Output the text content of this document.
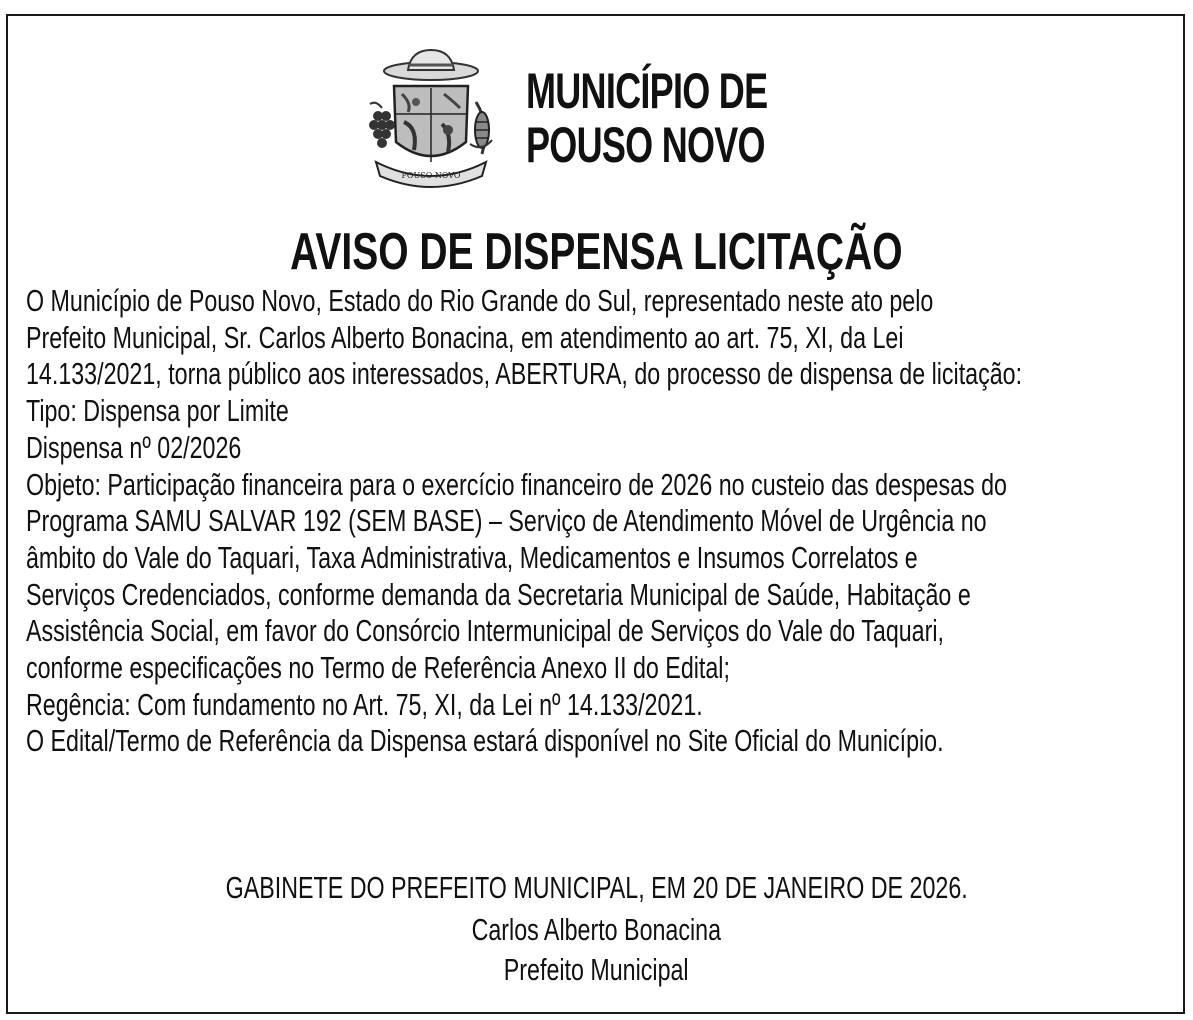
POUSO NOVO
MUNICÍPIO DE
POUSO NOVO
AVISO DE DISPENSA LICITAÇÃO

O Município de Pouso Novo, Estado do Rio Grande do Sul, representado neste ato pelo

Prefeito Municipal, Sr. Carlos Alberto Bonacina, em atendimento ao art. 75, XI, da Lei

14.133/2021, torna público aos interessados, ABERTURA, do processo de dispensa de licitação:

Tipo: Dispensa por Limite

Dispensa nº 02/2026

Objeto: Participação financeira para o exercício financeiro de 2026 no custeio das despesas do

Programa SAMU SALVAR 192 (SEM BASE) – Serviço de Atendimento Móvel de Urgência no

âmbito do Vale do Taquari, Taxa Administrativa, Medicamentos e Insumos Correlatos e

Serviços Credenciados, conforme demanda da Secretaria Municipal de Saúde, Habitação e

Assistência Social, em favor do Consórcio Intermunicipal de Serviços do Vale do Taquari,

conforme especificações no Termo de Referência Anexo II do Edital;

Regência: Com fundamento no Art. 75, XI, da Lei nº 14.133/2021.

O Edital/Termo de Referência da Dispensa estará disponível no Site Oficial do Município.

GABINETE DO PREFEITO MUNICIPAL, EM 20 DE JANEIRO DE 2026.
Carlos Alberto Bonacina
Prefeito Municipal
